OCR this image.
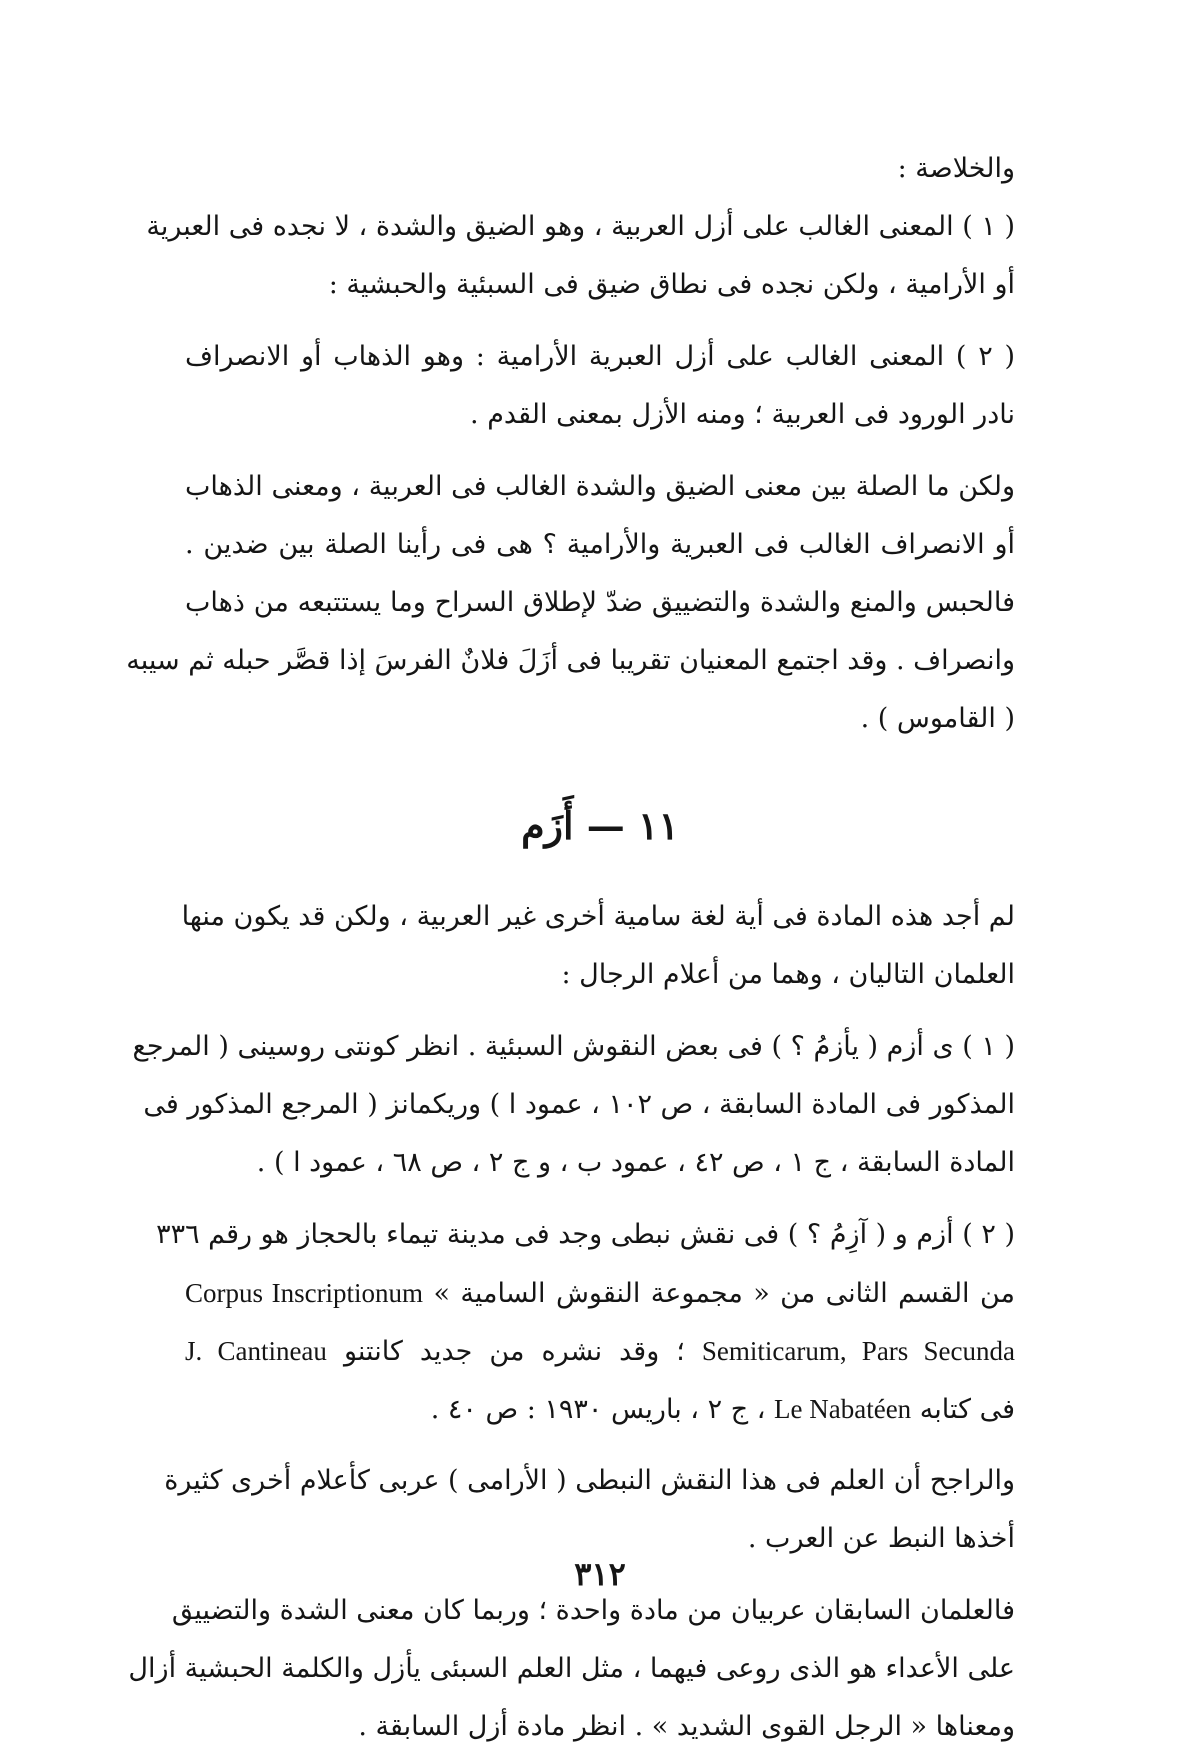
والخلاصة :
( ١ ) المعنى الغالب على أزل العربية ، وهو الضيق والشدة ، لا نجده فى العبرية
أو الأرامية ، ولكن نجده فى نطاق ضيق فى السبئية والحبشية :
( ٢ ) المعنى الغالب على أزل العبرية الأرامية : وهو الذهاب أو الانصراف
نادر الورود فى العربية ؛ ومنه الأزل بمعنى القدم .
ولكن ما الصلة بين معنى الضيق والشدة الغالب فى العربية ، ومعنى الذهاب
أو الانصراف الغالب فى العبرية والأرامية ؟ هى فى رأينا الصلة بين ضدين .
فالحبس والمنع والشدة والتضييق ضدّ لإطلاق السراح وما يستتبعه من ذهاب
وانصراف . وقد اجتمع المعنيان تقريبا فى أزَلَ فلانٌ الفرسَ إذا قصَّر حبله ثم سيبه
( القاموس ) .
١١ — أَزَم
لم أجد هذه المادة فى أية لغة سامية أخرى غير العربية ، ولكن قد يكون منها
العلمان التاليان ، وهما من أعلام الرجال :
( ١ ) ى أزم ( يأزمُ ؟ ) فى بعض النقوش السبئية . انظر كونتى روسينى ( المرجع
المذكور فى المادة السابقة ، ص ١٠٢ ، عمود ا ) وريكمانز ( المرجع المذكور فى
المادة السابقة ، ج ١ ، ص ٤٢ ، عمود ب ، و ج ٢ ، ص ٦٨ ، عمود ا ) .
( ٢ ) أزم و ( آزِمُ ؟ ) فى نقش نبطى وجد فى مدينة تيماء بالحجاز هو رقم ٣٣٦
من القسم الثانى من « مجموعة النقوش السامية » Corpus Inscriptionum
Semiticarum, Pars Secunda ؛ وقد نشره من جديد كانتنو J. Cantineau
فى كتابه Le Nabatéen ، ج ٢ ، باريس ١٩٣٠ : ص ٤٠ .
والراجح أن العلم فى هذا النقش النبطى ( الأرامى ) عربى كأعلام أخرى كثيرة
أخذها النبط عن العرب .
فالعلمان السابقان عربيان من مادة واحدة ؛ وربما كان معنى الشدة والتضييق
على الأعداء هو الذى روعى فيهما ، مثل العلم السبئى يأزل والكلمة الحبشية أزال
ومعناها « الرجل القوى الشديد » . انظر مادة أزل السابقة .
٣١٢
